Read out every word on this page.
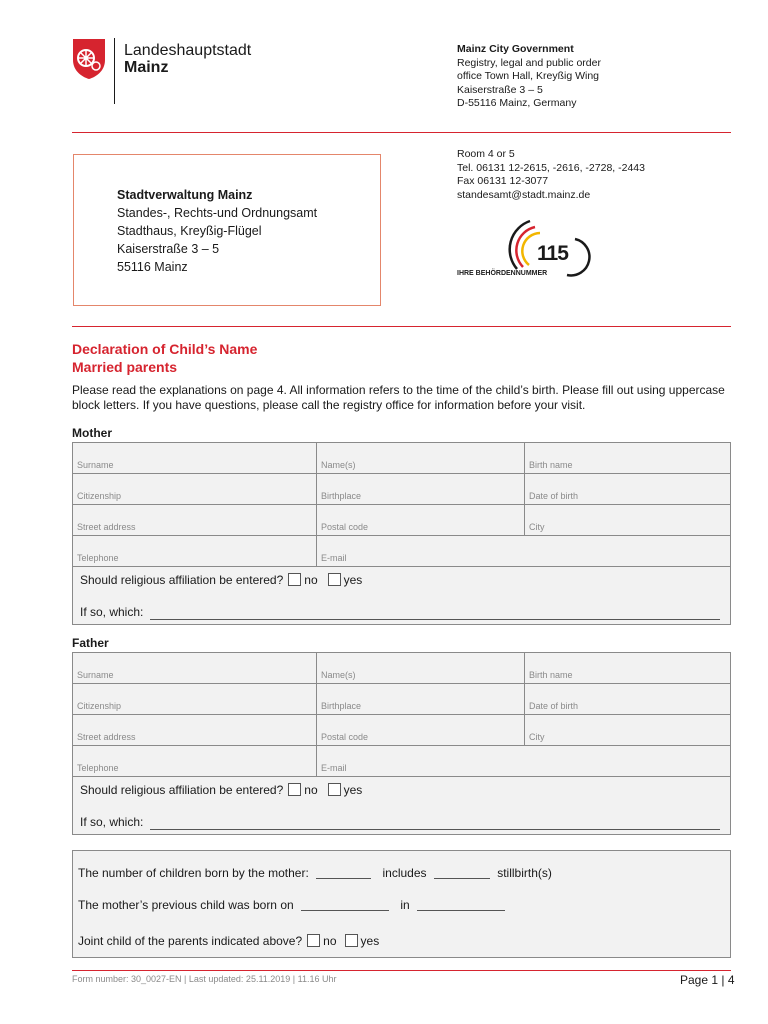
Landeshauptstadt
Mainz
Mainz City Government
Registry, legal and public order
office Town Hall, Kreyßig Wing
Kaiserstraße 3 – 5
D-55116 Mainz, Germany
Stadtverwaltung Mainz
Standes-, Rechts-und Ordnungsamt
Stadthaus, Kreyßig-Flügel
Kaiserstraße 3 – 5
55116 Mainz
Room 4 or 5
Tel. 06131 12-2615, -2616, -2728, -2443
Fax 06131 12-3077
standesamt@stadt.mainz.de
115
IHRE BEHÖRDENNUMMER
Declaration of Child’s Name
Married parents
Please read the explanations on page 4. All information refers to the time of the child’s birth. Please fill out using uppercase block letters. If you have questions, please call the registry office for information before your visit.
Mother
Surname	Name(s)	Birth name
Citizenship	Birthplace	Date of birth
Street address	Postal code	City
Telephone	E-mail
Should religious affiliation be entered? no yes
If so, which:
Father
Surname	Name(s)	Birth name
Citizenship	Birthplace	Date of birth
Street address	Postal code	City
Telephone	E-mail
Should religious affiliation be entered? no yes
If so, which:
The number of children born by the mother:	includes	stillbirth(s)
The mother’s previous child was born on	in
Joint child of the parents indicated above? no yes
Form number: 30_0027-EN | Last updated: 25.11.2019 | 11.16 Uhr	Page 1 | 4
